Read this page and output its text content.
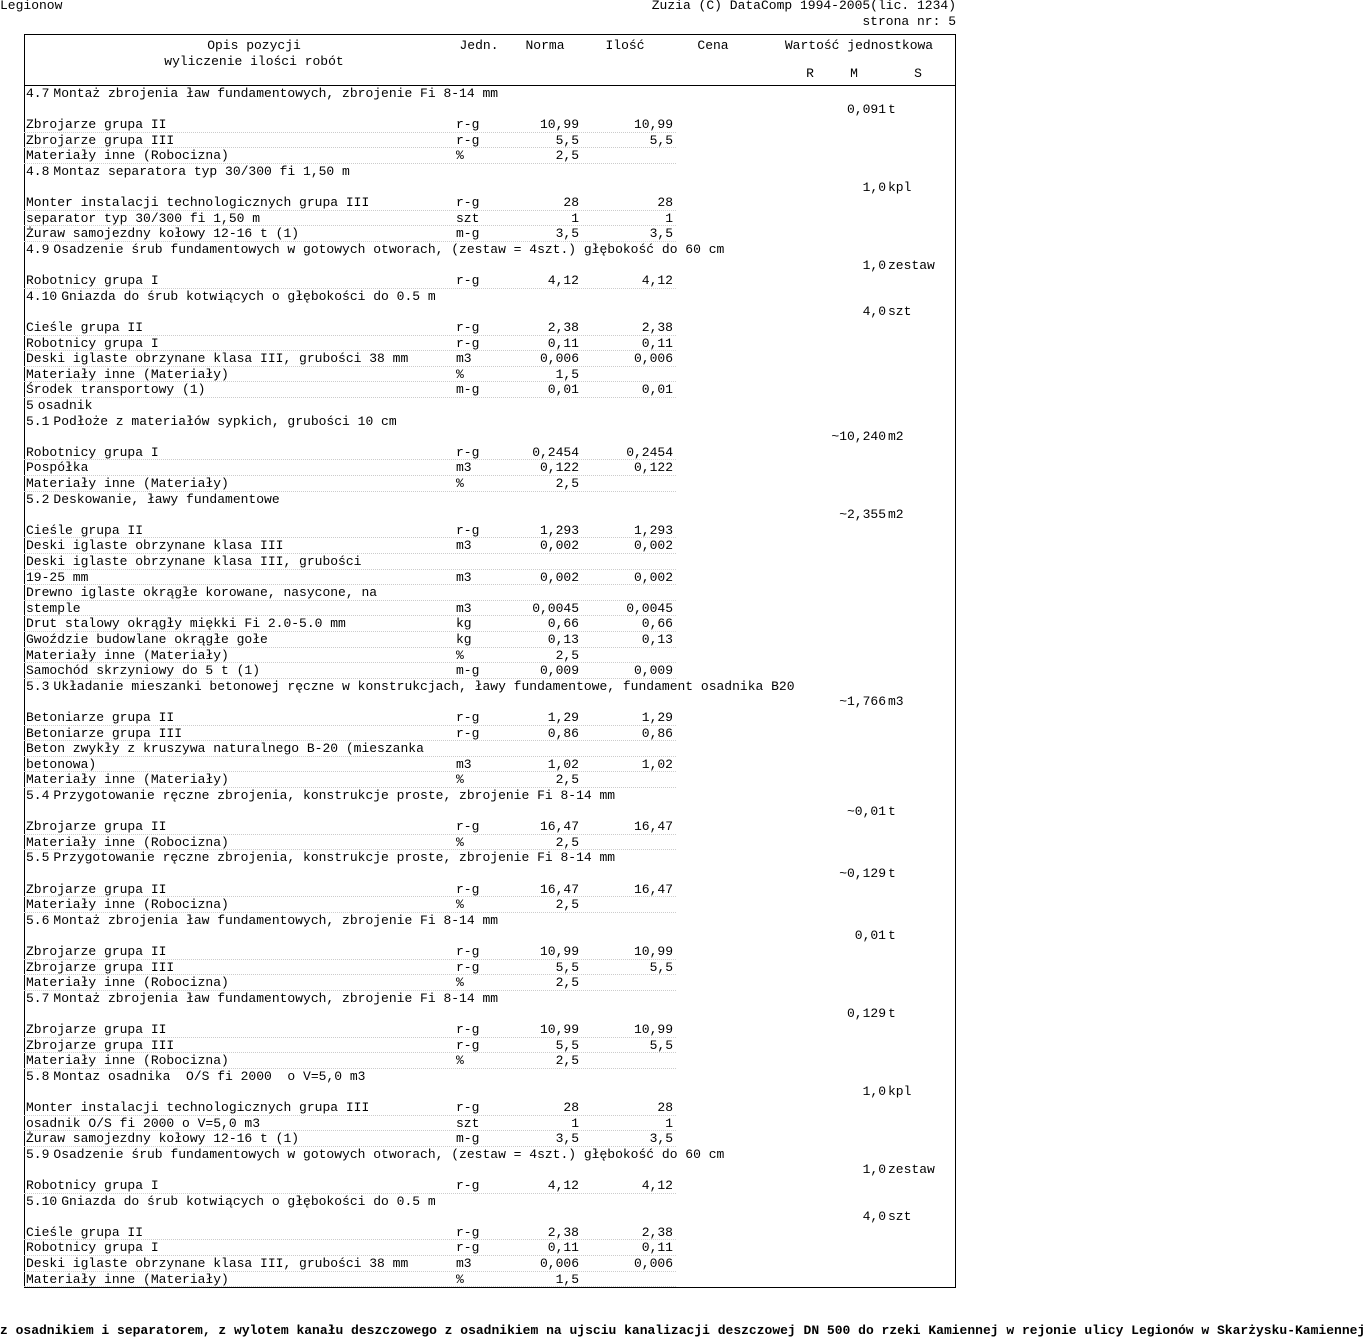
Legionow	Zuzia (C) DataComp 1994-2005(lic. 1234)
strona nr: 5
Opis pozycji
wyliczenie ilości robót
Jedn.	Norma	Ilość	Cena	Wartość jednostkowa
R	M	S
4.7 Montaż zbrojenia ław fundamentowych, zbrojenie Fi 8-14 mm
0,091 t
Zbrojarze grupa II	r-g	10,99	10,99
Zbrojarze grupa III	r-g	5,5	5,5
Materiały inne (Robocizna)	%	2,5
4.8 Montaz separatora typ 30/300 fi 1,50 m
1,0 kpl
Monter instalacji technologicznych grupa III	r-g	28	28
separator typ 30/300 fi 1,50 m	szt	1	1
Żuraw samojezdny kołowy 12-16 t (1)	m-g	3,5	3,5
4.9 Osadzenie śrub fundamentowych w gotowych otworach, (zestaw = 4szt.) głębokość do 60 cm
1,0 zestaw
Robotnicy grupa I	r-g	4,12	4,12
4.10 Gniazda do śrub kotwiących o głębokości do 0.5 m
4,0 szt
Cieśle grupa II	r-g	2,38	2,38
Robotnicy grupa I	r-g	0,11	0,11
Deski iglaste obrzynane klasa III, grubości 38 mm	m3	0,006	0,006
Materiały inne (Materiały)	%	1,5
Środek transportowy (1)	m-g	0,01	0,01
5 osadnik
5.1 Podłoże z materiałów sypkich, grubości 10 cm
~10,240 m2
Robotnicy grupa I	r-g	0,2454	0,2454
Pospółka	m3	0,122	0,122
Materiały inne (Materiały)	%	2,5
5.2 Deskowanie, ławy fundamentowe
~2,355 m2
Cieśle grupa II	r-g	1,293	1,293
Deski iglaste obrzynane klasa III	m3	0,002	0,002
Deski iglaste obrzynane klasa III, grubości
19-25 mm	m3	0,002	0,002
Drewno iglaste okrągłe korowane, nasycone, na
stemple	m3	0,0045	0,0045
Drut stalowy okrągły miękki Fi 2.0-5.0 mm	kg	0,66	0,66
Gwoździe budowlane okrągłe gołe	kg	0,13	0,13
Materiały inne (Materiały)	%	2,5
Samochód skrzyniowy do 5 t (1)	m-g	0,009	0,009
5.3 Układanie mieszanki betonowej ręczne w konstrukcjach, ławy fundamentowe, fundament osadnika B20
~1,766 m3
Betoniarze grupa II	r-g	1,29	1,29
Betoniarze grupa III	r-g	0,86	0,86
Beton zwykły z kruszywa naturalnego B-20 (mieszanka
betonowa)	m3	1,02	1,02
Materiały inne (Materiały)	%	2,5
5.4 Przygotowanie ręczne zbrojenia, konstrukcje proste, zbrojenie Fi 8-14 mm
~0,01 t
Zbrojarze grupa II	r-g	16,47	16,47
Materiały inne (Robocizna)	%	2,5
5.5 Przygotowanie ręczne zbrojenia, konstrukcje proste, zbrojenie Fi 8-14 mm
~0,129 t
Zbrojarze grupa II	r-g	16,47	16,47
Materiały inne (Robocizna)	%	2,5
5.6 Montaż zbrojenia ław fundamentowych, zbrojenie Fi 8-14 mm
0,01 t
Zbrojarze grupa II	r-g	10,99	10,99
Zbrojarze grupa III	r-g	5,5	5,5
Materiały inne (Robocizna)	%	2,5
5.7 Montaż zbrojenia ław fundamentowych, zbrojenie Fi 8-14 mm
0,129 t
Zbrojarze grupa II	r-g	10,99	10,99
Zbrojarze grupa III	r-g	5,5	5,5
Materiały inne (Robocizna)	%	2,5
5.8 Montaz osadnika  O/S fi 2000  o V=5,0 m3
1,0 kpl
Monter instalacji technologicznych grupa III	r-g	28	28
osadnik O/S fi 2000 o V=5,0 m3	szt	1	1
Żuraw samojezdny kołowy 12-16 t (1)	m-g	3,5	3,5
5.9 Osadzenie śrub fundamentowych w gotowych otworach, (zestaw = 4szt.) głębokość do 60 cm
1,0 zestaw
Robotnicy grupa I	r-g	4,12	4,12
5.10 Gniazda do śrub kotwiących o głębokości do 0.5 m
4,0 szt
Cieśle grupa II	r-g	2,38	2,38
Robotnicy grupa I	r-g	0,11	0,11
Deski iglaste obrzynane klasa III, grubości 38 mm	m3	0,006	0,006
Materiały inne (Materiały)	%	1,5
z osadnikiem i separatorem, z wylotem kanału deszczowego z osadnikiem na ujsciu kanalizacji deszczowej DN 500 do rzeki Kamiennej w rejonie ulicy Legionów w Skarżysku-Kamiennej
